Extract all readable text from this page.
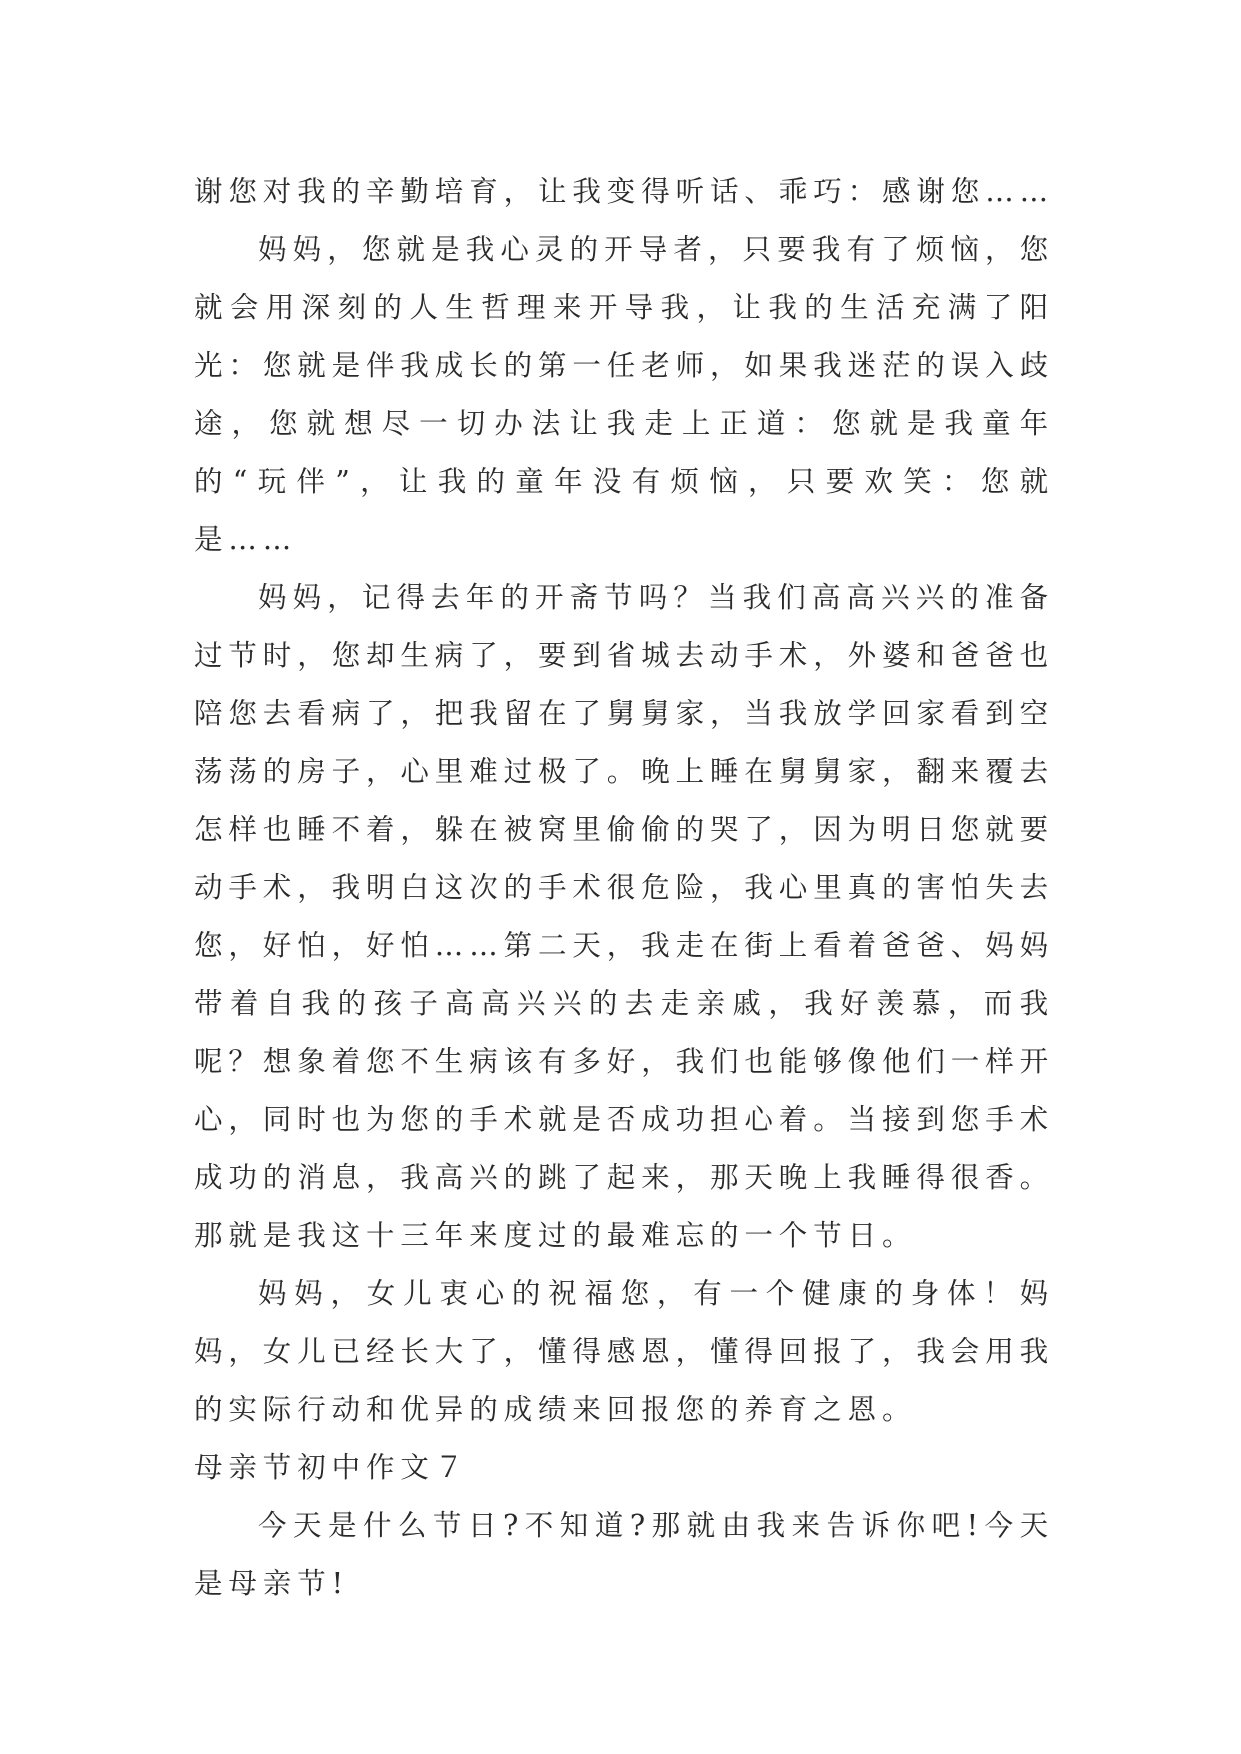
谢您对我的辛勤培育，让我变得听话、乖巧：感谢您……

妈妈，您就是我心灵的开导者，只要我有了烦恼，您就会用深刻的人生哲理来开导我，让我的生活充满了阳光：您就是伴我成长的第一任老师，如果我迷茫的误入歧途，您就想尽一切办法让我走上正道：您就是我童年的“玩伴”，让我的童年没有烦恼，只要欢笑：您就是……

妈妈，记得去年的开斋节吗？当我们高高兴兴的准备过节时，您却生病了，要到省城去动手术，外婆和爸爸也陪您去看病了，把我留在了舅舅家，当我放学回家看到空荡荡的房子，心里难过极了。晚上睡在舅舅家，翻来覆去怎样也睡不着，躲在被窝里偷偷的哭了，因为明日您就要动手术，我明白这次的手术很危险，我心里真的害怕失去您，好怕，好怕……第二天，我走在街上看着爸爸、妈妈带着自我的孩子高高兴兴的去走亲戚，我好羡慕，而我呢？想象着您不生病该有多好，我们也能够像他们一样开心，同时也为您的手术就是否成功担心着。当接到您手术成功的消息，我高兴的跳了起来，那天晚上我睡得很香。那就是我这十三年来度过的最难忘的一个节日。

妈妈，女儿衷心的祝福您，有一个健康的身体！妈妈，女儿已经长大了，懂得感恩，懂得回报了，我会用我的实际行动和优异的成绩来回报您的养育之恩。

母亲节初中作文７

今天是什么节日?不知道?那就由我来告诉你吧!今天是母亲节!
